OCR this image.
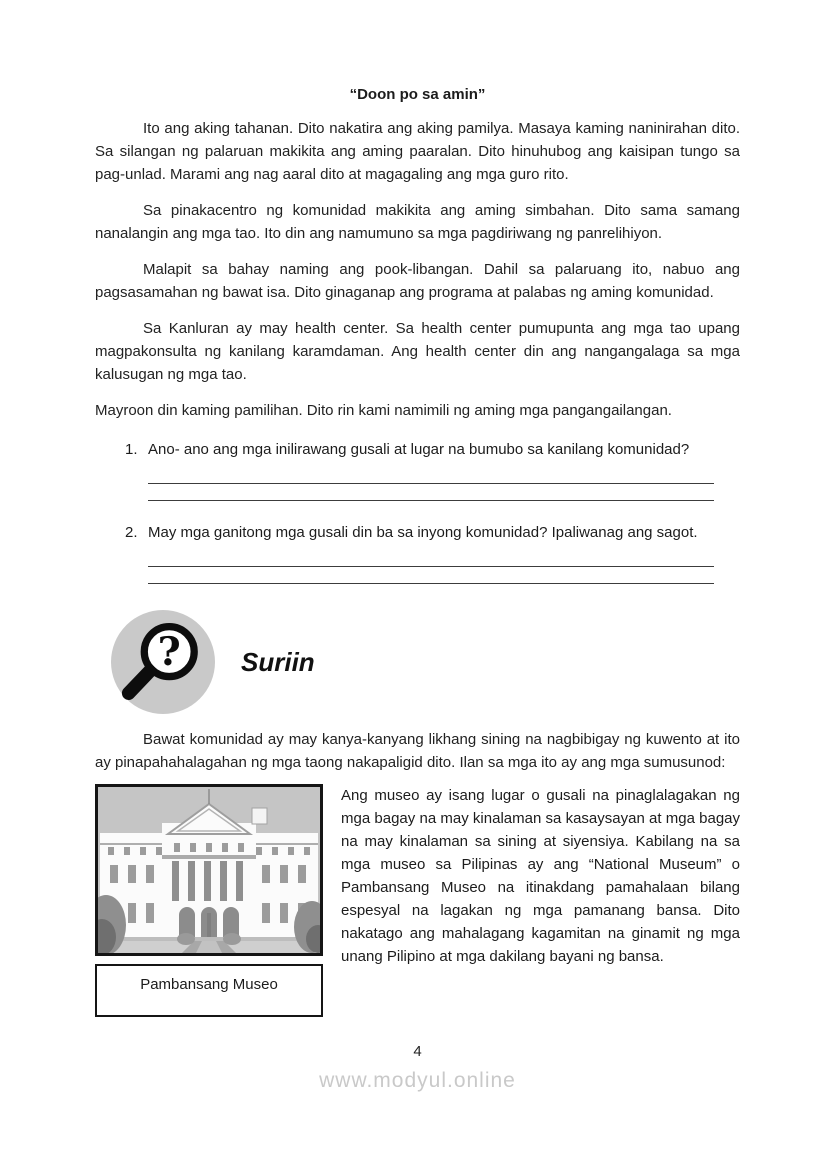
“Doon po sa amin”

Ito ang aking tahanan. Dito nakatira ang aking pamilya. Masaya kaming naninirahan dito. Sa silangan ng palaruan makikita ang aming paaralan. Dito hinuhubog ang kaisipan tungo sa pag-unlad. Marami ang nag aaral dito at magagaling ang mga guro rito.

Sa pinakacentro ng komunidad makikita ang aming simbahan. Dito sama samang nanalangin ang mga tao. Ito din ang namumuno sa mga pagdiriwang ng panrelihiyon.

Malapit sa bahay naming ang pook-libangan. Dahil sa palaruang ito, nabuo ang pagsasamahan ng bawat isa. Dito ginaganap ang programa at palabas ng aming komunidad.

Sa Kanluran ay may health center. Sa health center pumupunta ang mga tao upang magpakonsulta ng kanilang karamdaman. Ang health center din ang nangangalaga sa mga kalusugan ng mga tao.

Mayroon din kaming pamilihan. Dito rin kami namimili ng aming mga pangangailangan.

1. Ano- ano ang mga inilirawang gusali at lugar na bumubo sa kanilang komunidad?
2. May mga ganitong mga gusali din ba sa inyong komunidad? Ipaliwanag ang sagot.
? Suriin

Bawat komunidad ay may kanya-kanyang likhang sining na nagbibigay ng kuwento at ito ay pinapahahalagahan ng mga taong nakapaligid dito. Ilan sa mga ito ay ang mga sumusunod:

Pambansang Museo
Ang museo ay isang lugar o gusali na pinaglalagakan ng mga bagay na may kinalaman sa kasaysayan at mga bagay na may kinalaman sa sining at siyensiya. Kabilang na sa mga museo sa Pilipinas ay ang “National Museum” o Pambansang Museo na itinakdang pamahalaan bilang espesyal na lagakan ng mga pamanang bansa. Dito nakatago ang mahalagang kagamitan na ginamit ng mga unang Pilipino at mga dakilang bayani ng bansa.
4
www.modyul.online
